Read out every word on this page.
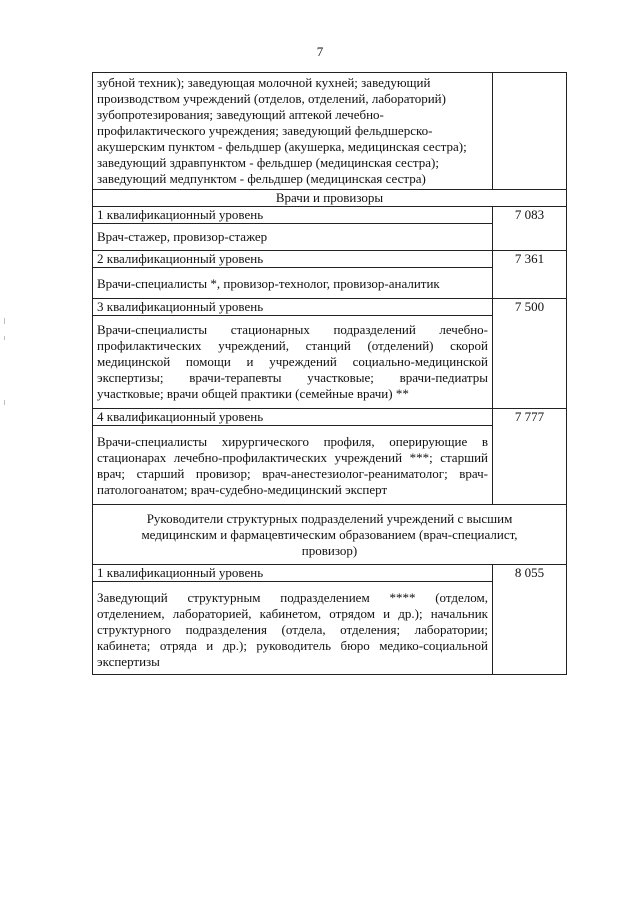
7
зубной техник); заведующая молочной кухней; заведующий производством учреждений (отделов, отделений, лабораторий) зубопротезирования; заведующий аптекой лечебно-профилактического учреждения; заведующий фельдшерско-акушерским пунктом - фельдшер (акушерка, медицинская сестра); заведующий здравпунктом - фельдшер (медицинская сестра); заведующий медпунктом - фельдшер (медицинская сестра)	
Врачи и провизоры	
1 квалификационный уровень	7 083
Врач-стажер, провизор-стажер	
2 квалификационный уровень	7 361
Врачи-специалисты *, провизор-технолог, провизор-аналитик	
3 квалификационный уровень	7 500
Врачи-специалисты стационарных подразделений лечебно-профилактических учреждений, станций (отделений) скорой медицинской помощи и учреждений социально-медицинской экспертизы; врачи-терапевты участковые; врачи-педиатры участковые; врачи общей практики (семейные врачи) **	
4 квалификационный уровень	7 777
Врачи-специалисты хирургического профиля, оперирующие в стационарах лечебно-профилактических учреждений ***; старший врач; старший провизор; врач-анестезиолог-реаниматолог; врач-патологоанатом; врач-судебно-медицинский эксперт	
Руководители структурных подразделений учреждений с высшим медицинским и фармацевтическим образованием (врач-специалист, провизор)	
1 квалификационный уровень	8 055
Заведующий структурным подразделением **** (отделом, отделением, лабораторией, кабинетом, отрядом и др.); начальник структурного подразделения (отдела, отделения; лаборатории; кабинета; отряда и др.); руководитель бюро медико-социальной экспертизы	
